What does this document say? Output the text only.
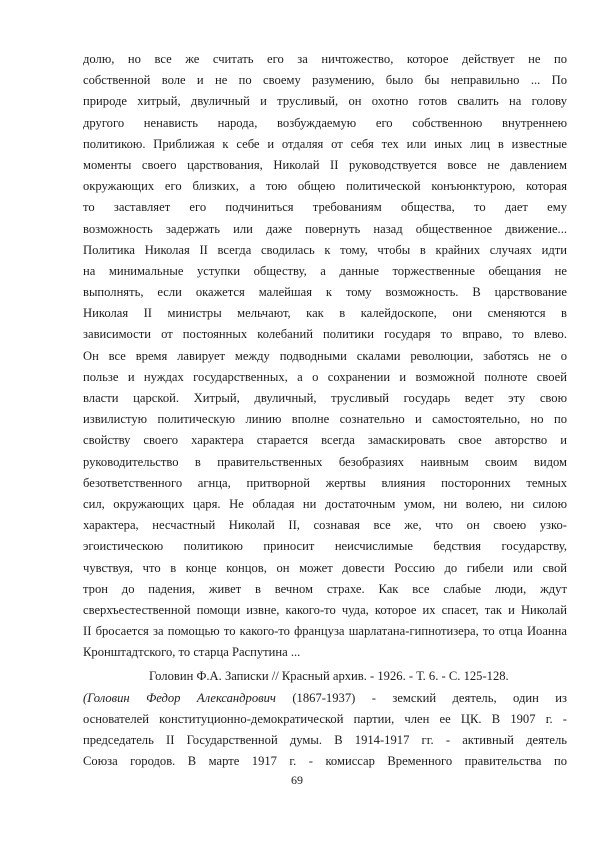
долю, но все же считать его за ничтожество, которое действует не по
собственной воле и не по своему разумению, было бы неправильно ... По
природе хитрый, двуличный и трусливый, он охотно готов свалить на голову
другого ненависть народа, возбуждаемую его собственною внутреннею
политикою. Приближая к себе и отдаляя от себя тех или иных лиц в известные
моменты своего царствования, Николай II руководствуется вовсе не давлением
окружающих его близких, а тою общею политической конъюнктурою, которая
то заставляет его подчиниться требованиям общества, то дает ему
возможность задержать или даже повернуть назад общественное движение...
Политика Николая II всегда сводилась к тому, чтобы в крайних случаях идти
на минимальные уступки обществу, а данные торжественные обещания не
выполнять, если окажется малейшая к тому возможность. В царствование
Николая II министры мельчают, как в калейдоскопе, они сменяются в
зависимости от постоянных колебаний политики государя то вправо, то влево.
Он все время лавирует между подводными скалами революции, заботясь не о
пользе и нуждах государственных, а о сохранении и возможной полноте своей
власти царской. Хитрый, двуличный, трусливый государь ведет эту свою
извилистую политическую линию вполне сознательно и самостоятельно, но по
свойству своего характера старается всегда замаскировать свое авторство и
руководительство в правительственных безобразиях наивным своим видом
безответственного агнца, притворной жертвы влияния посторонних темных
сил, окружающих царя. Не обладая ни достаточным умом, ни волею, ни силою
характера, несчастный Николай II, сознавая все же, что он своею узко-
эгоистическою политикою приносит неисчислимые бедствия государству,
чувствуя, что в конце концов, он может довести Россию до гибели или свой
трон до падения, живет в вечном страхе. Как все слабые люди, ждут
сверхъестественной помощи извне, какого-то чуда, которое их спасет, так и Николай
II бросается за помощью то какого-то француза шарлатана-гипнотизера, то отца Иоанна
Кронштадтского, то старца Распутина ...
Головин Ф.А. Записки // Красный архив. - 1926. - Т. 6. - С. 125-128.
(Головин Федор Александрович (1867-1937) - земский деятель, один из
основателей конституционно-демократической партии, член ее ЦК. В 1907 г. -
председатель II Государственной думы. В 1914-1917 гг. - активный деятель
Союза городов. В марте 1917 г. - комиссар Временного правительства по
69
